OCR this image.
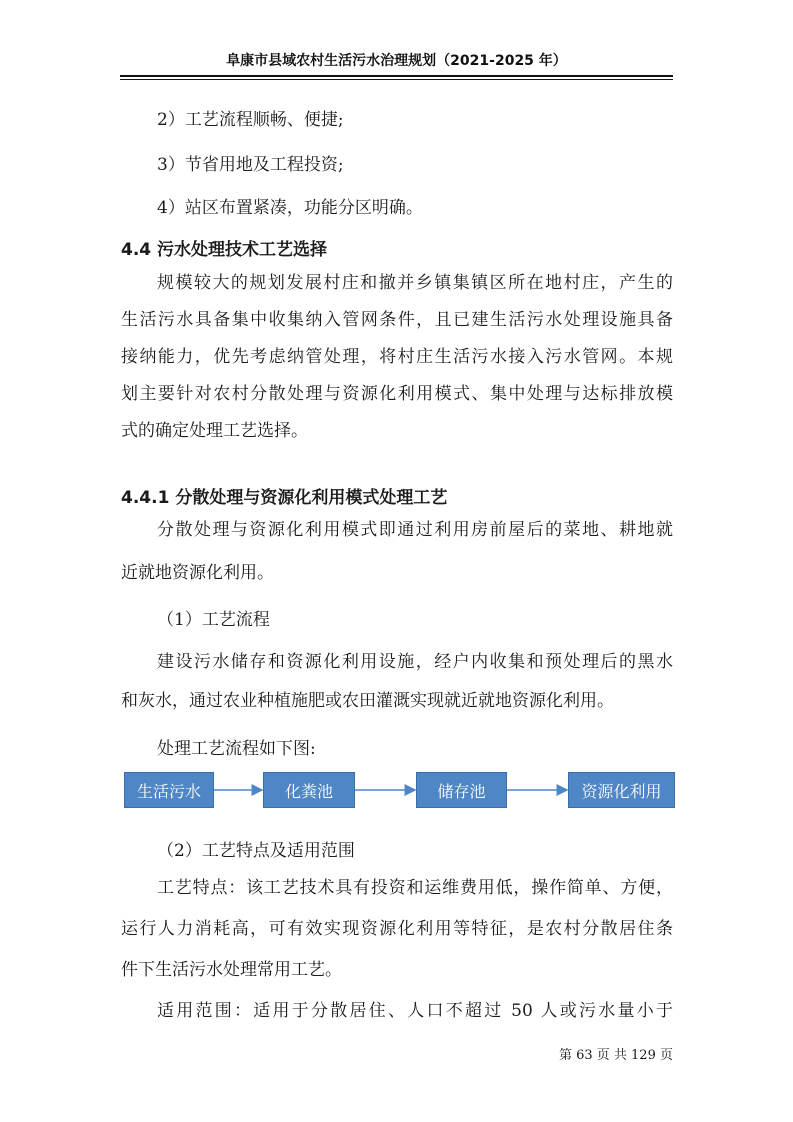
阜康市县域农村生活污水治理规划（2021-2025 年）
2）工艺流程顺畅、便捷;
3）节省用地及工程投资;
4）站区布置紧凑，功能分区明确。
4.4 污水处理技术工艺选择
规模较大的规划发展村庄和撤并乡镇集镇区所在地村庄，产生的
生活污水具备集中收集纳入管网条件，且已建生活污水处理设施具备
接纳能力，优先考虑纳管处理，将村庄生活污水接入污水管网。本规
划主要针对农村分散处理与资源化利用模式、集中处理与达标排放模
式的确定处理工艺选择。
4.4.1 分散处理与资源化利用模式处理工艺
分散处理与资源化利用模式即通过利用房前屋后的菜地、耕地就
近就地资源化利用。
（1）工艺流程
建设污水储存和资源化利用设施，经户内收集和预处理后的黑水
和灰水，通过农业种植施肥或农田灌溉实现就近就地资源化利用。
处理工艺流程如下图:
生活污水	化粪池	储存池	资源化利用
（2）工艺特点及适用范围
工艺特点：该工艺技术具有投资和运维费用低，操作简单、方便，
运行人力消耗高，可有效实现资源化利用等特征，是农村分散居住条
件下生活污水处理常用工艺。
适用范围：适用于分散居住、人口不超过 50 人或污水量小于
第 63 页 共 129 页
